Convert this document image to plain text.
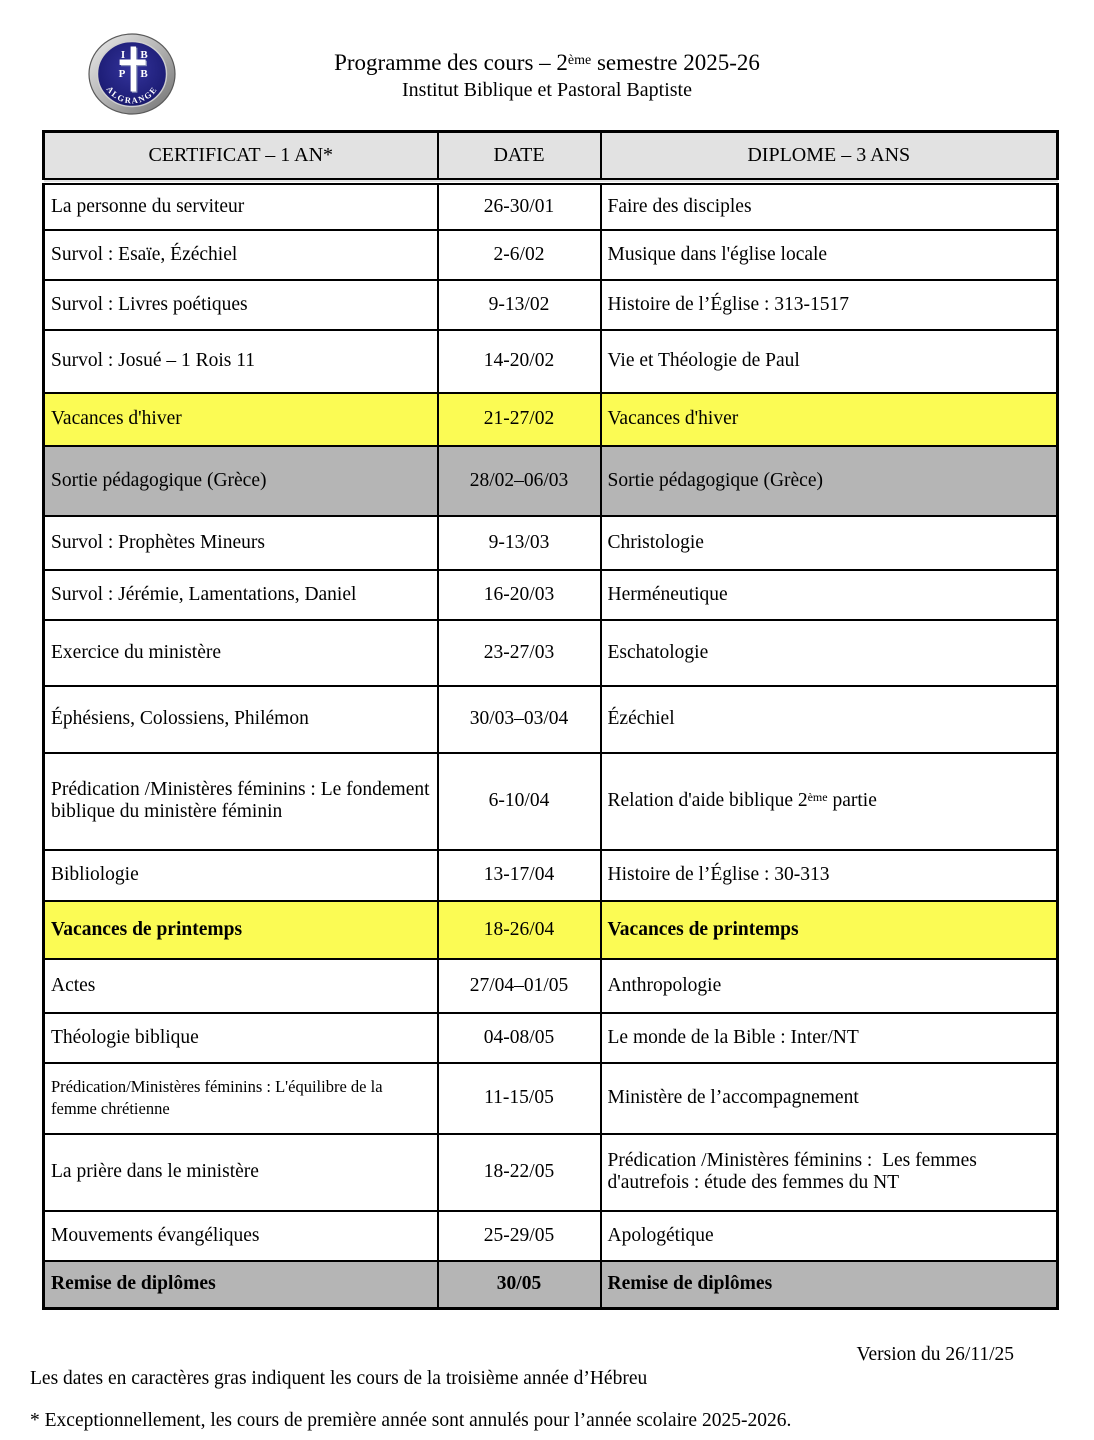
I B
P B
ALGRANGE
Programme des cours – 2ème semestre 2025-26
Institut Biblique et Pastoral Baptiste
CERTIFICAT – 1 AN*	DATE	DIPLOME – 3 ANS
La personne du serviteur	26-30/01	Faire des disciples
Survol : Esaïe, Ézéchiel	2-6/02	Musique dans l'église locale
Survol : Livres poétiques	9-13/02	Histoire de l’Église : 313-1517
Survol : Josué – 1 Rois 11	14-20/02	Vie et Théologie de Paul
Vacances d'hiver	21-27/02	Vacances d'hiver
Sortie pédagogique (Grèce)	28/02–06/03	Sortie pédagogique (Grèce)
Survol : Prophètes Mineurs	9-13/03	Christologie
Survol : Jérémie, Lamentations, Daniel	16-20/03	Herméneutique
Exercice du ministère	23-27/03	Eschatologie
Éphésiens, Colossiens, Philémon	30/03–03/04	Ézéchiel
Prédication /Ministères féminins : Le fondement biblique du ministère féminin	6-10/04	Relation d'aide biblique 2ème partie
Bibliologie	13-17/04	Histoire de l’Église : 30-313
Vacances de printemps	18-26/04	Vacances de printemps
Actes	27/04–01/05	Anthropologie
Théologie biblique	04-08/05	Le monde de la Bible : Inter/NT
Prédication/Ministères féminins : L'équilibre de la femme chrétienne	11-15/05	Ministère de l’accompagnement
La prière dans le ministère	18-22/05	Prédication /Ministères féminins :  Les femmes d'autrefois : étude des femmes du NT
Mouvements évangéliques	25-29/05	Apologétique
Remise de diplômes	30/05	Remise de diplômes
Version du 26/11/25
Les dates en caractères gras indiquent les cours de la troisième année d’Hébreu
* Exceptionnellement, les cours de première année sont annulés pour l’année scolaire 2025-2026.
